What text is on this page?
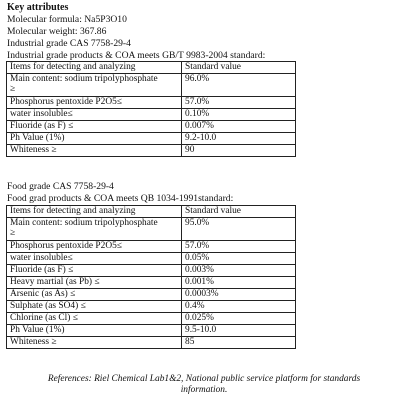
Key attributes
Molecular formula: Na5P3O10
Molecular weight: 367.86
Industrial grade CAS 7758-29-4
Industrial grade products & COA meets GB/T 9983-2004 standard:
Items for detecting and analyzing	Standard value
Main content: sodium tripolyphosphate
≥	96.0%
Phosphorus pentoxide P2O5≤	57.0%
water insoluble≤	0.10%
Fluoride (as F) ≤	0.007%
Ph Value (1%)	9.2-10.0
Whiteness ≥	90
Food grade CAS 7758-29-4
Food grad products & COA meets QB 1034-1991standard:
Items for detecting and analyzing	Standard value
Main content: sodium tripolyphosphate
≥	95.0%
Phosphorus pentoxide P2O5≤	57.0%
water insoluble≤	0.05%
Fluoride (as F) ≤	0.003%
Heavy martial (as Pb) ≤	0.001%
Arsenic (as As) ≤	0.0003%
Sulphate (as SO4) ≤	0.4%
Chlorine (as Cl) ≤	0.025%
Ph Value (1%)	9.5-10.0
Whiteness ≥	85
References: Riel Chemical Lab1&2, National public service platform for standards
information.
